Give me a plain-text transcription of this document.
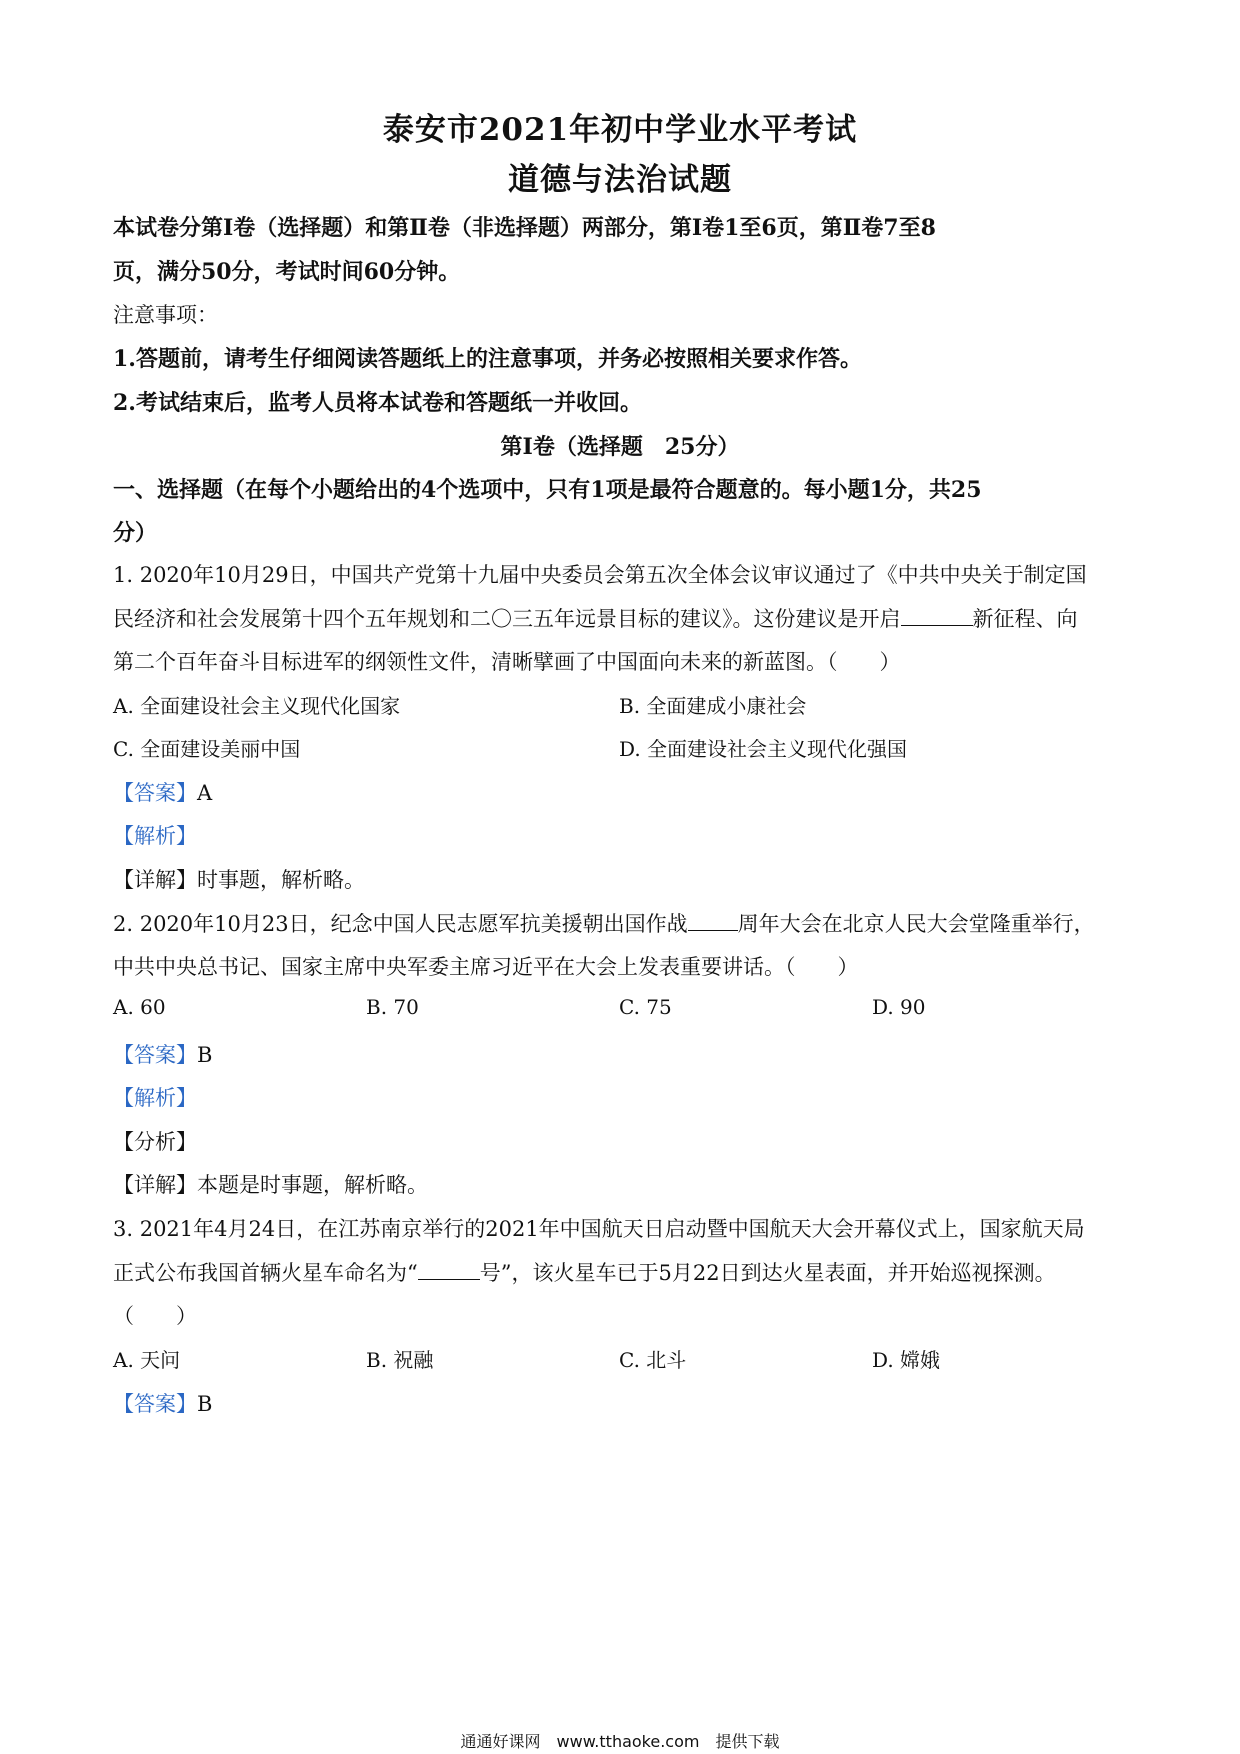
泰安市2021年初中学业水平考试
道德与法治试题
本试卷分第Ⅰ卷（选择题）和第Ⅱ卷（非选择题）两部分，第Ⅰ卷1至6页，第Ⅱ卷7至8
页，满分50分，考试时间60分钟。
注意事项：
1.答题前，请考生仔细阅读答题纸上的注意事项，并务必按照相关要求作答。
2.考试结束后，监考人员将本试卷和答题纸一并收回。
第Ⅰ卷（选择题　25分）
一、选择题（在每个小题给出的4个选项中，只有1项是最符合题意的。每小题1分，共25
分）
1. 2020年10月29日，中国共产党第十九届中央委员会第五次全体会议审议通过了《中共中央关于制定国
民经济和社会发展第十四个五年规划和二〇三五年远景目标的建议》。这份建议是开启	新征程、向
第二个百年奋斗目标进军的纲领性文件，清晰擘画了中国面向未来的新蓝图。（　　）
A. 全面建设社会主义现代化国家	B. 全面建成小康社会
C. 全面建设美丽中国	D. 全面建设社会主义现代化强国
【答案】A
【解析】
【详解】时事题，解析略。
2. 2020年10月23日，纪念中国人民志愿军抗美援朝出国作战 周年大会在北京人民大会堂隆重举行，
中共中央总书记、国家主席中央军委主席习近平在大会上发表重要讲话。（　　）
A. 60	B. 70	C. 75	D. 90
【答案】B
【解析】
【分析】
【详解】本题是时事题，解析略。
3. 2021年4月24日，在江苏南京举行的2021年中国航天日启动暨中国航天大会开幕仪式上，国家航天局
正式公布我国首辆火星车命名为“	号”，该火星车已于5月22日到达火星表面，并开始巡视探测。
（　　）
A. 天问	B. 祝融	C. 北斗	D. 嫦娥
【答案】B
通通好课网　www.tthaoke.com　提供下载
